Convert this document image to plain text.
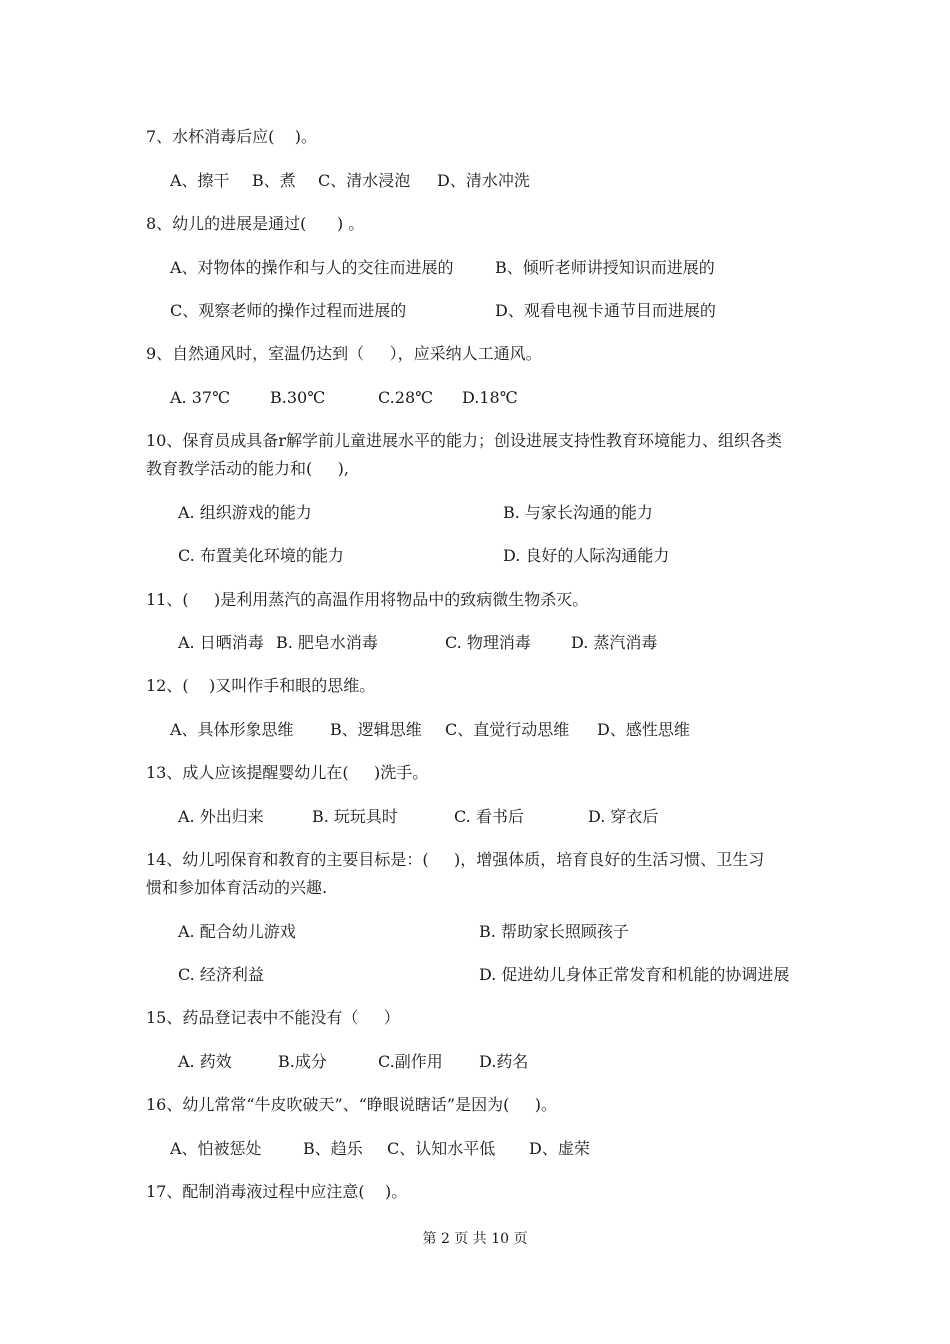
7、水杯消毒后应(    )。
A、擦干 B、煮 C、清水浸泡 D、清水冲洗
8、幼儿的进展是通过(      ) 。
A、对物体的操作和与人的交往而进展的	B、倾听老师讲授知识而进展的
C、观察老师的操作过程而进展的	D、观看电视卡通节目而进展的
9、自然通风时，室温仍达到（     ），应采纳人工通风。
A. 37℃	B.30℃	C.28℃ D.18℃
10、保育员成具备r解学前儿童进展水平的能力；创设进展支持性教育环境能力、组织各类
教育教学活动的能力和(     ),
A. 组织游戏的能力	B. 与家长沟通的能力
C. 布置美化环境的能力	D. 良好的人际沟通能力
11、(     )是利用蒸汽的高温作用将物品中的致病微生物杀灭。
A. 日晒消毒 B. 肥皂水消毒	C. 物理消毒	D. 蒸汽消毒
12、(    )又叫作手和眼的思维。
A、具体形象思维 B、逻辑思维 C、直觉行动思维 D、感性思维
13、成人应该提醒婴幼儿在(     )洗手。
A. 外出归来	B. 玩玩具时	C. 看书后	D. 穿衣后
14、幼儿吲保育和教育的主要目标是：(     )，增强体质，培育良好的生活习惯、卫生习
惯和参加体育活动的兴趣.
A. 配合幼儿游戏	B. 帮助家长照顾孩子
C. 经济利益	D. 促进幼儿身体正常发育和机能的协调进展
15、药品登记表中不能没有（     ）
A. 药效	B.成分	C.副作用 D.药名
16、幼儿常常“牛皮吹破天”、“睁眼说瞎话”是因为(     )。
A、怕被惩处	B、趋乐 C、认知水平低 D、虚荣
17、配制消毒液过程中应注意(    )。
第 2 页 共 10 页
